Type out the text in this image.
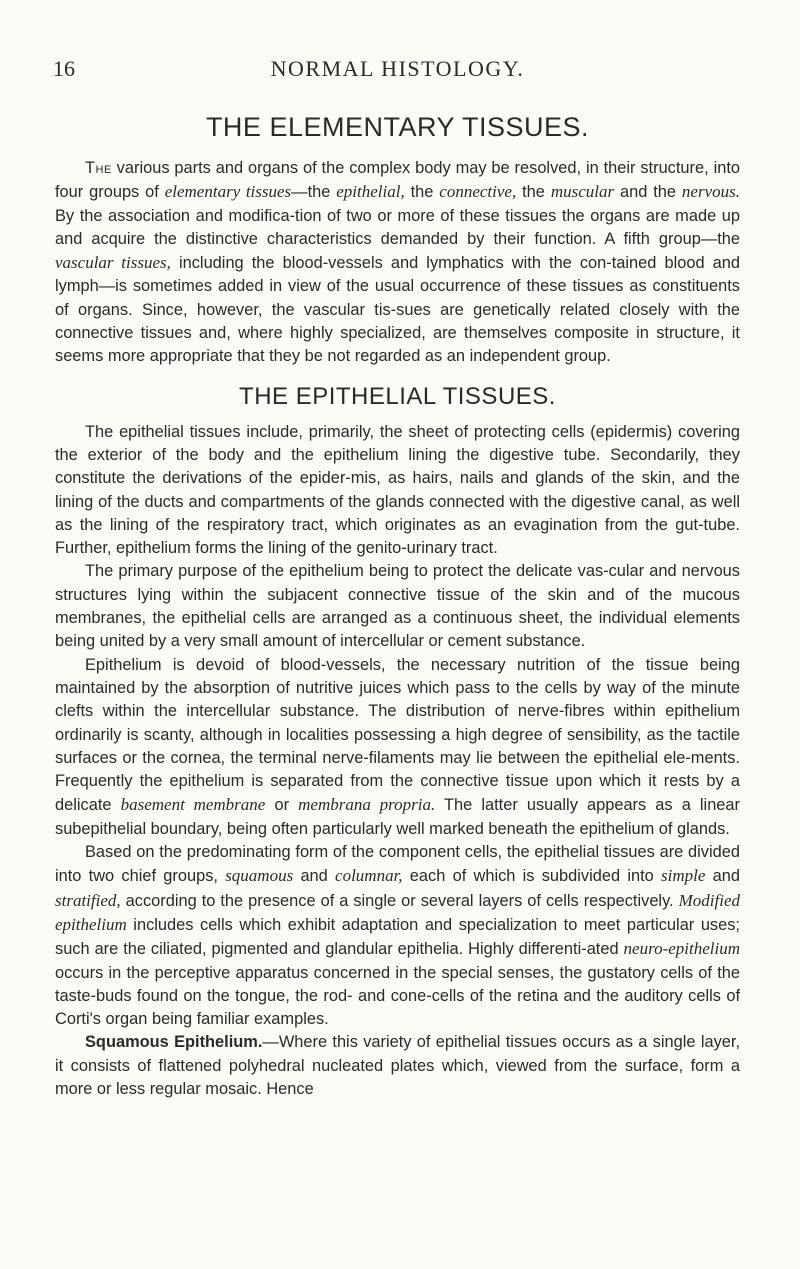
16	NORMAL HISTOLOGY.
THE ELEMENTARY TISSUES.

The various parts and organs of the complex body may be resolved, in their structure, into four groups of elementary tissues—the epithelial, the connective, the muscular and the nervous. By the association and modifica-tion of two or more of these tissues the organs are made up and acquire the distinctive characteristics demanded by their function. A fifth group—the vascular tissues, including the blood-vessels and lymphatics with the con-tained blood and lymph—is sometimes added in view of the usual occurrence of these tissues as constituents of organs. Since, however, the vascular tis-sues are genetically related closely with the connective tissues and, where highly specialized, are themselves composite in structure, it seems more appropriate that they be not regarded as an independent group.

THE EPITHELIAL TISSUES.

The epithelial tissues include, primarily, the sheet of protecting cells (epidermis) covering the exterior of the body and the epithelium lining the digestive tube. Secondarily, they constitute the derivations of the epider-mis, as hairs, nails and glands of the skin, and the lining of the ducts and compartments of the glands connected with the digestive canal, as well as the lining of the respiratory tract, which originates as an evagination from the gut-tube. Further, epithelium forms the lining of the genito-urinary tract.

The primary purpose of the epithelium being to protect the delicate vas-cular and nervous structures lying within the subjacent connective tissue of the skin and of the mucous membranes, the epithelial cells are arranged as a continuous sheet, the individual elements being united by a very small amount of intercellular or cement substance.

Epithelium is devoid of blood-vessels, the necessary nutrition of the tissue being maintained by the absorption of nutritive juices which pass to the cells by way of the minute clefts within the intercellular substance. The distribution of nerve-fibres within epithelium ordinarily is scanty, although in localities possessing a high degree of sensibility, as the tactile surfaces or the cornea, the terminal nerve-filaments may lie between the epithelial ele-ments. Frequently the epithelium is separated from the connective tissue upon which it rests by a delicate basement membrane or membrana propria. The latter usually appears as a linear subepithelial boundary, being often particularly well marked beneath the epithelium of glands.

Based on the predominating form of the component cells, the epithelial tissues are divided into two chief groups, squamous and columnar, each of which is subdivided into simple and stratified, according to the presence of a single or several layers of cells respectively. Modified epithelium includes cells which exhibit adaptation and specialization to meet particular uses; such are the ciliated, pigmented and glandular epithelia. Highly differenti-ated neuro-epithelium occurs in the perceptive apparatus concerned in the special senses, the gustatory cells of the taste-buds found on the tongue, the rod- and cone-cells of the retina and the auditory cells of Corti's organ being familiar examples.

Squamous Epithelium.—Where this variety of epithelial tissues occurs as a single layer, it consists of flattened polyhedral nucleated plates which, viewed from the surface, form a more or less regular mosaic. Hence
